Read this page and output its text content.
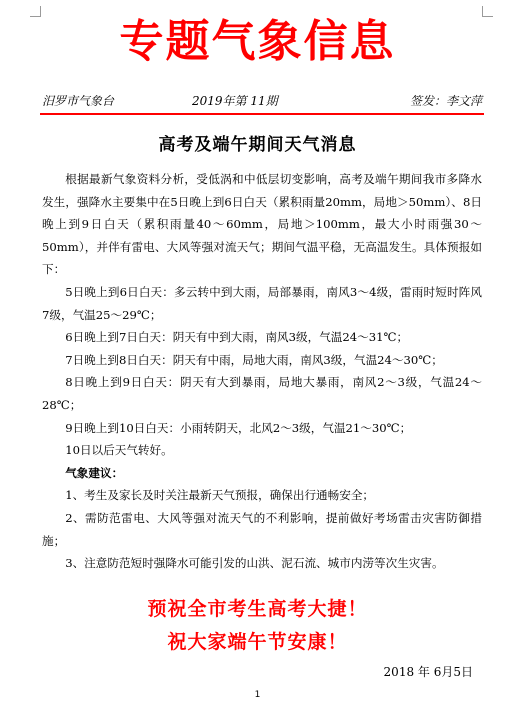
专题气象信息
汨罗市气象台	2019年第 11期	签发：李文萍
高考及端午期间天气消息

根据最新气象资料分析，受低涡和中低层切变影响，高考及端午期间我市多降水发生，强降水主要集中在5日晚上到6日白天（累积雨量20mm，局地＞50mm）、8日晚上到9日白天（累积雨量40～60mm，局地＞100mm，最大小时雨强30～50mm），并伴有雷电、大风等强对流天气；期间气温平稳，无高温发生。具体预报如下：

5日晚上到6日白天：多云转中到大雨，局部暴雨，南风3～4级，雷雨时短时阵风7级，气温25～29℃；

6日晚上到7日白天：阴天有中到大雨，南风3级，气温24～31℃；

7日晚上到8日白天：阴天有中雨，局地大雨，南风3级，气温24～30℃；

8日晚上到9日白天：阴天有大到暴雨，局地大暴雨，南风2～3级，气温24～28℃；

9日晚上到10日白天：小雨转阴天，北风2～3级，气温21～30℃；

10日以后天气转好。

气象建议：

1、考生及家长及时关注最新天气预报，确保出行通畅安全；

2、需防范雷电、大风等强对流天气的不利影响，提前做好考场雷击灾害防御措施；

3、注意防范短时强降水可能引发的山洪、泥石流、城市内涝等次生灾害。

预祝全市考生高考大捷！
祝大家端午节安康！
2018 年 6月5日
1
